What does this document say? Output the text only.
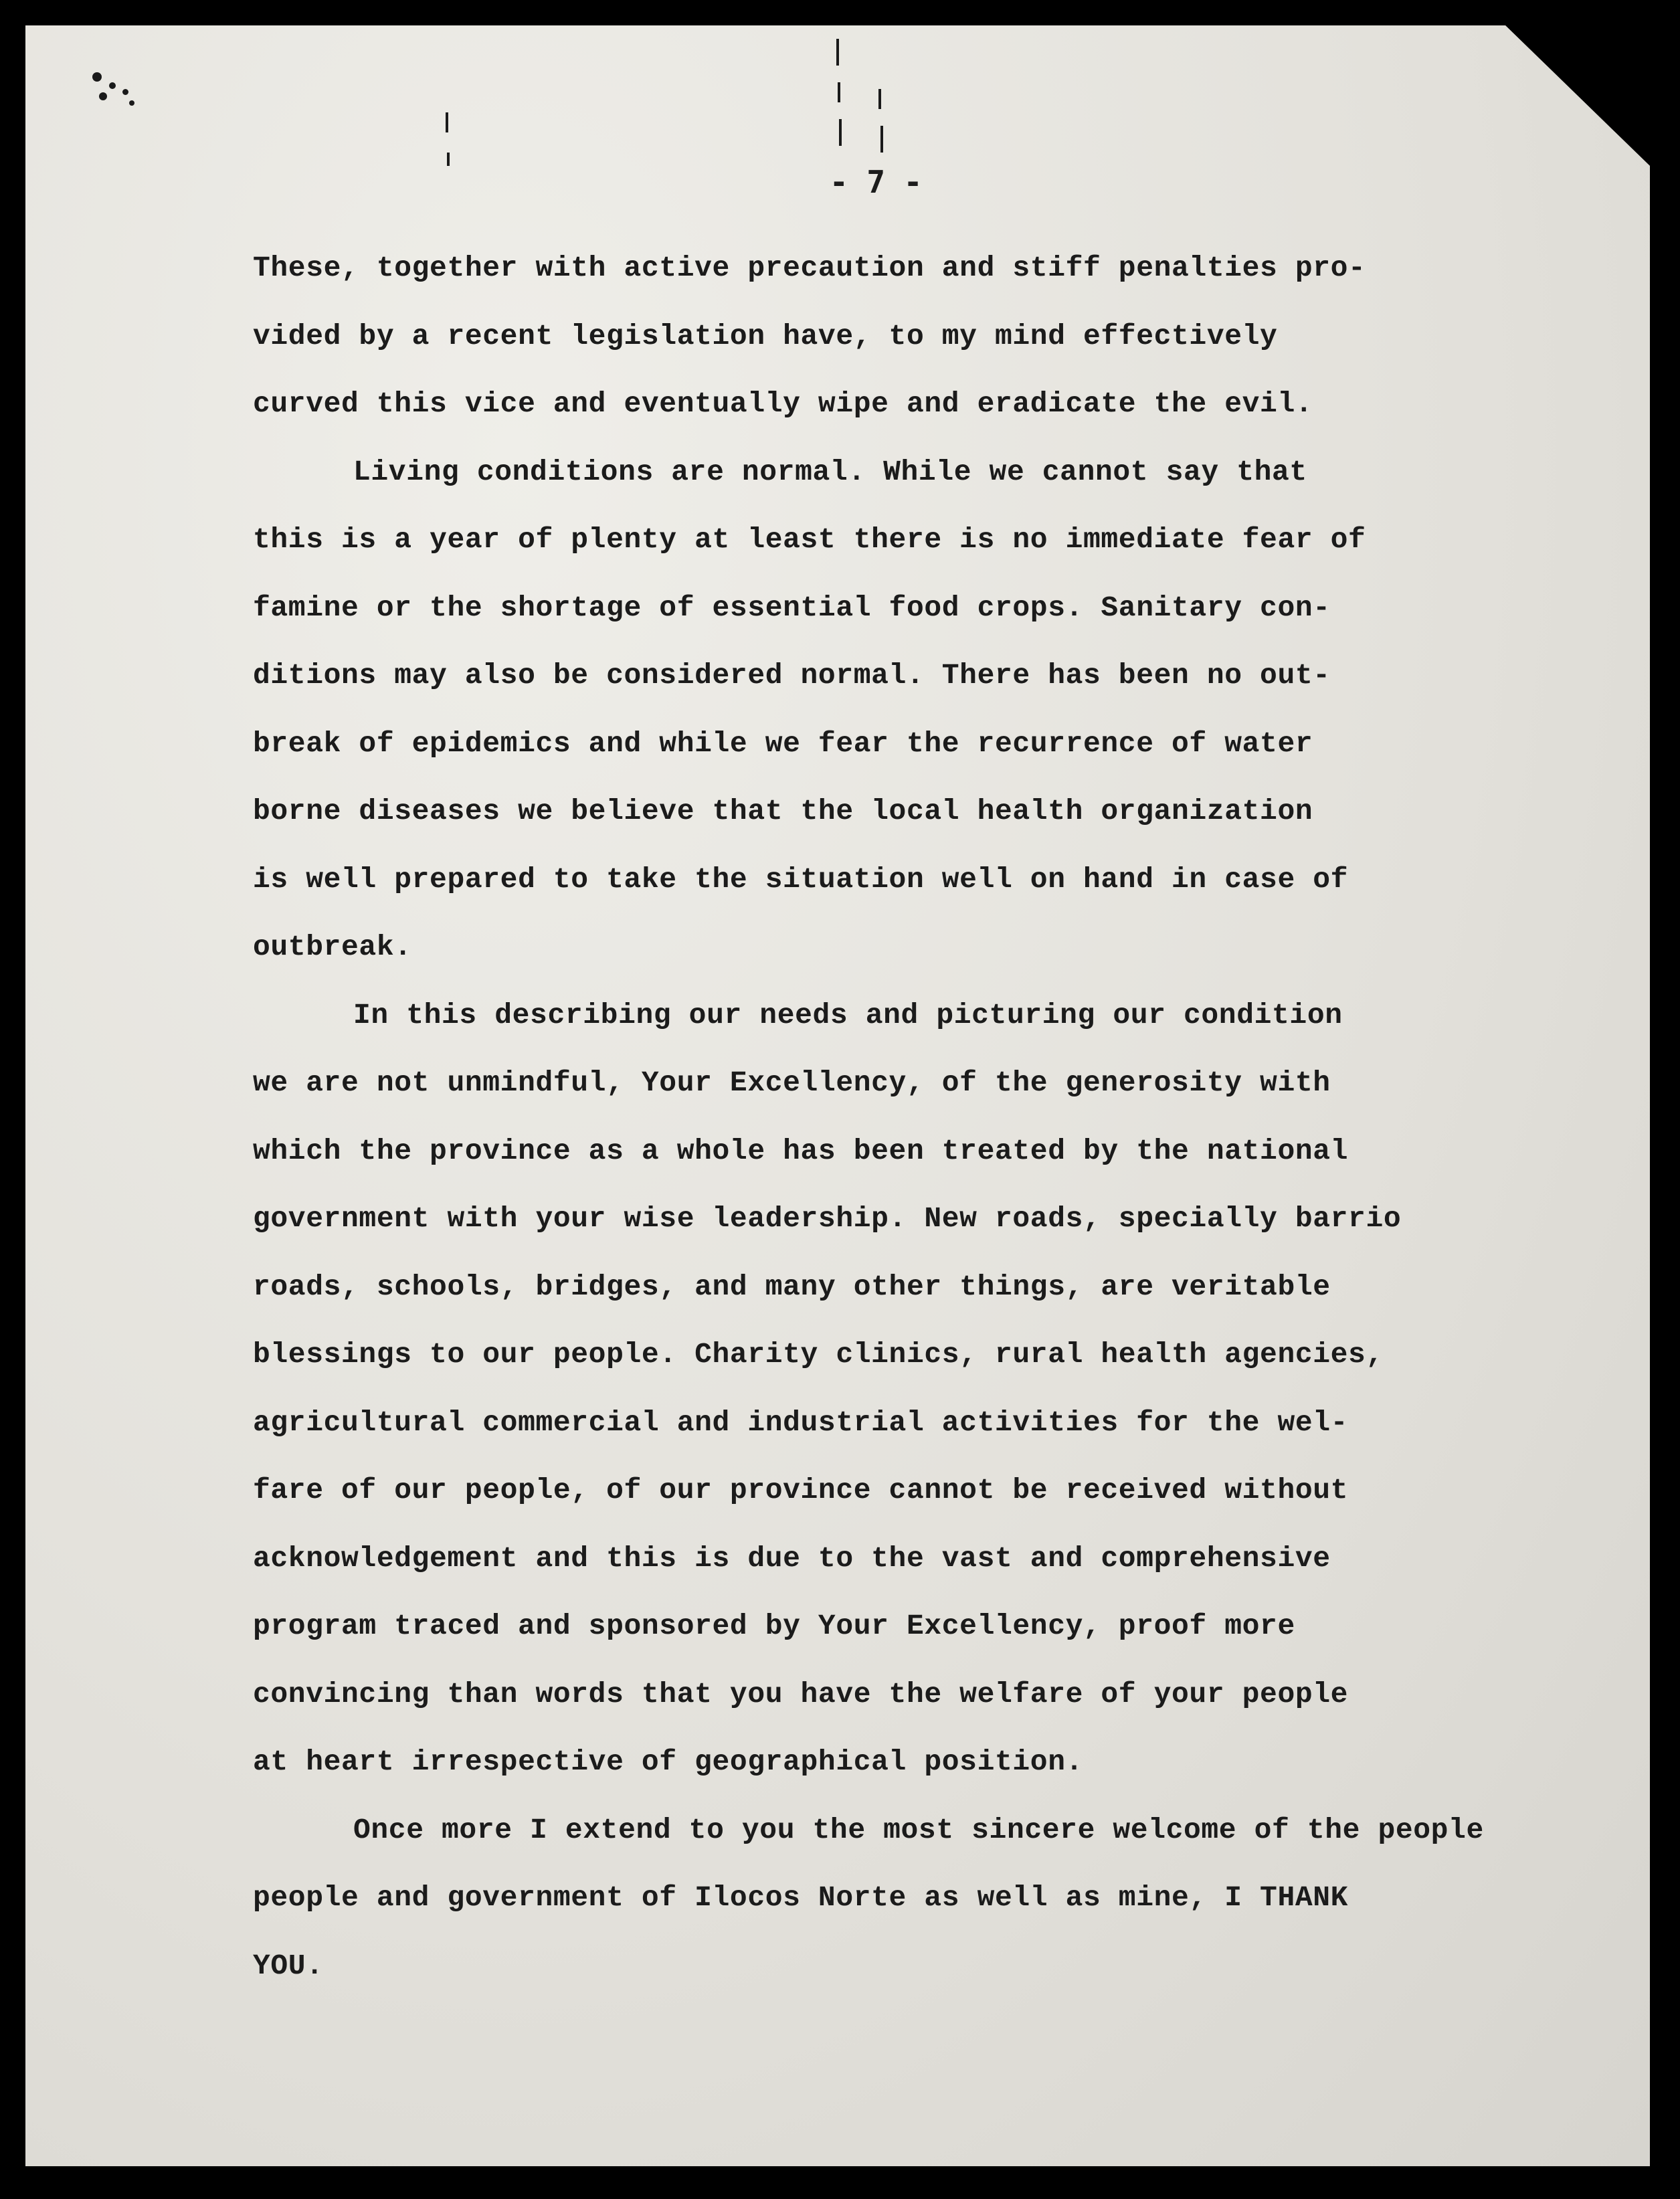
- 7 -
These, together with active precaution and stiff penalties pro-
vided by a recent legislation have, to my mind effectively
curved this vice and eventually wipe and eradicate the evil.
Living conditions are normal. While we cannot say that
this is a year of plenty at least there is no immediate fear of
famine or the shortage of essential food crops. Sanitary con-
ditions may also be considered normal. There has been no out-
break of epidemics and while we fear the recurrence of water
borne diseases we believe that the local health organization
is well prepared to take the situation well on hand in case of
outbreak.
In this describing our needs and picturing our condition
we are not unmindful, Your Excellency, of the generosity with
which the province as a whole has been treated by the national
government with your wise leadership. New roads, specially barrio
roads, schools, bridges, and many other things, are veritable
blessings to our people. Charity clinics, rural health agencies,
agricultural commercial and industrial activities for the wel-
fare of our people, of our province cannot be received without
acknowledgement and this is due to the vast and comprehensive
program traced and sponsored by Your Excellency, proof more
convincing than words that you have the welfare of your people
at heart irrespective of geographical position.
Once more I extend to you the most sincere welcome of the people
people and government of Ilocos Norte as well as mine, I THANK
YOU.
